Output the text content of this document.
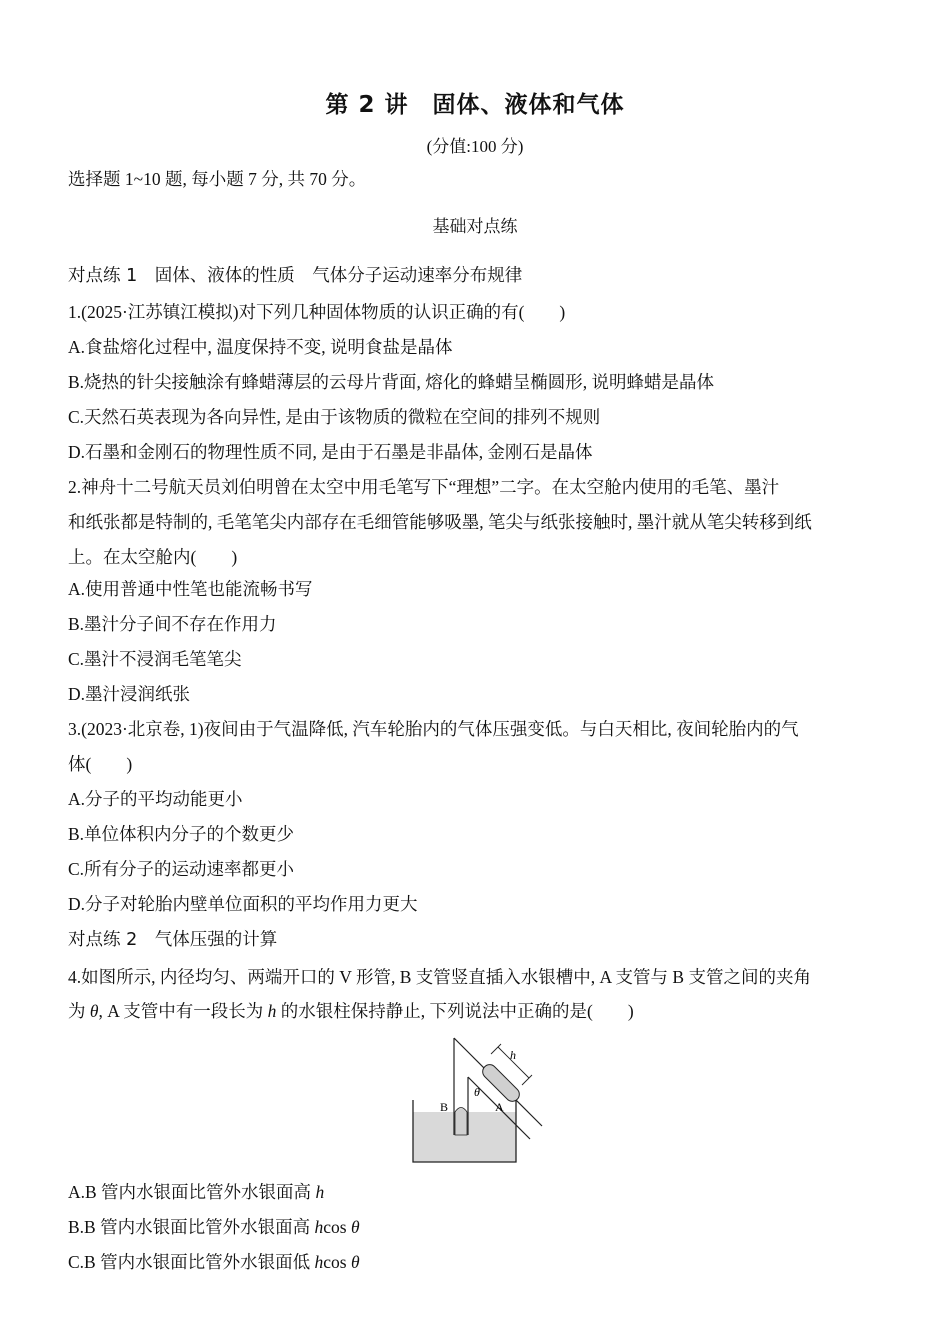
第 2 讲　固体、液体和气体
(分值:100 分)
选择题 1~10 题, 每小题 7 分, 共 70 分。
基础对点练
对点练 1　固体、液体的性质　气体分子运动速率分布规律
1.(2025·江苏镇江模拟)对下列几种固体物质的认识正确的有(　　)
A.食盐熔化过程中, 温度保持不变, 说明食盐是晶体
B.烧热的针尖接触涂有蜂蜡薄层的云母片背面, 熔化的蜂蜡呈椭圆形, 说明蜂蜡是晶体
C.天然石英表现为各向异性, 是由于该物质的微粒在空间的排列不规则
D.石墨和金刚石的物理性质不同, 是由于石墨是非晶体, 金刚石是晶体
2.神舟十二号航天员刘伯明曾在太空中用毛笔写下“理想”二字。在太空舱内使用的毛笔、墨汁
和纸张都是特制的, 毛笔笔尖内部存在毛细管能够吸墨, 笔尖与纸张接触时, 墨汁就从笔尖转移到纸
上。在太空舱内(　　)
A.使用普通中性笔也能流畅书写
B.墨汁分子间不存在作用力
C.墨汁不浸润毛笔笔尖
D.墨汁浸润纸张
3.(2023·北京卷, 1)夜间由于气温降低, 汽车轮胎内的气体压强变低。与白天相比, 夜间轮胎内的气
体(　　)
A.分子的平均动能更小
B.单位体积内分子的个数更少
C.所有分子的运动速率都更小
D.分子对轮胎内壁单位面积的平均作用力更大
对点练 2　气体压强的计算
4.如图所示, 内径均匀、两端开口的 V 形管, B 支管竖直插入水银槽中, A 支管与 B 支管之间的夹角
为 θ, A 支管中有一段长为 h 的水银柱保持静止, 下列说法中正确的是(　　)
h
θ
A
B
A.B 管内水银面比管外水银面高 h
B.B 管内水银面比管外水银面高 hcos θ
C.B 管内水银面比管外水银面低 hcos θ
